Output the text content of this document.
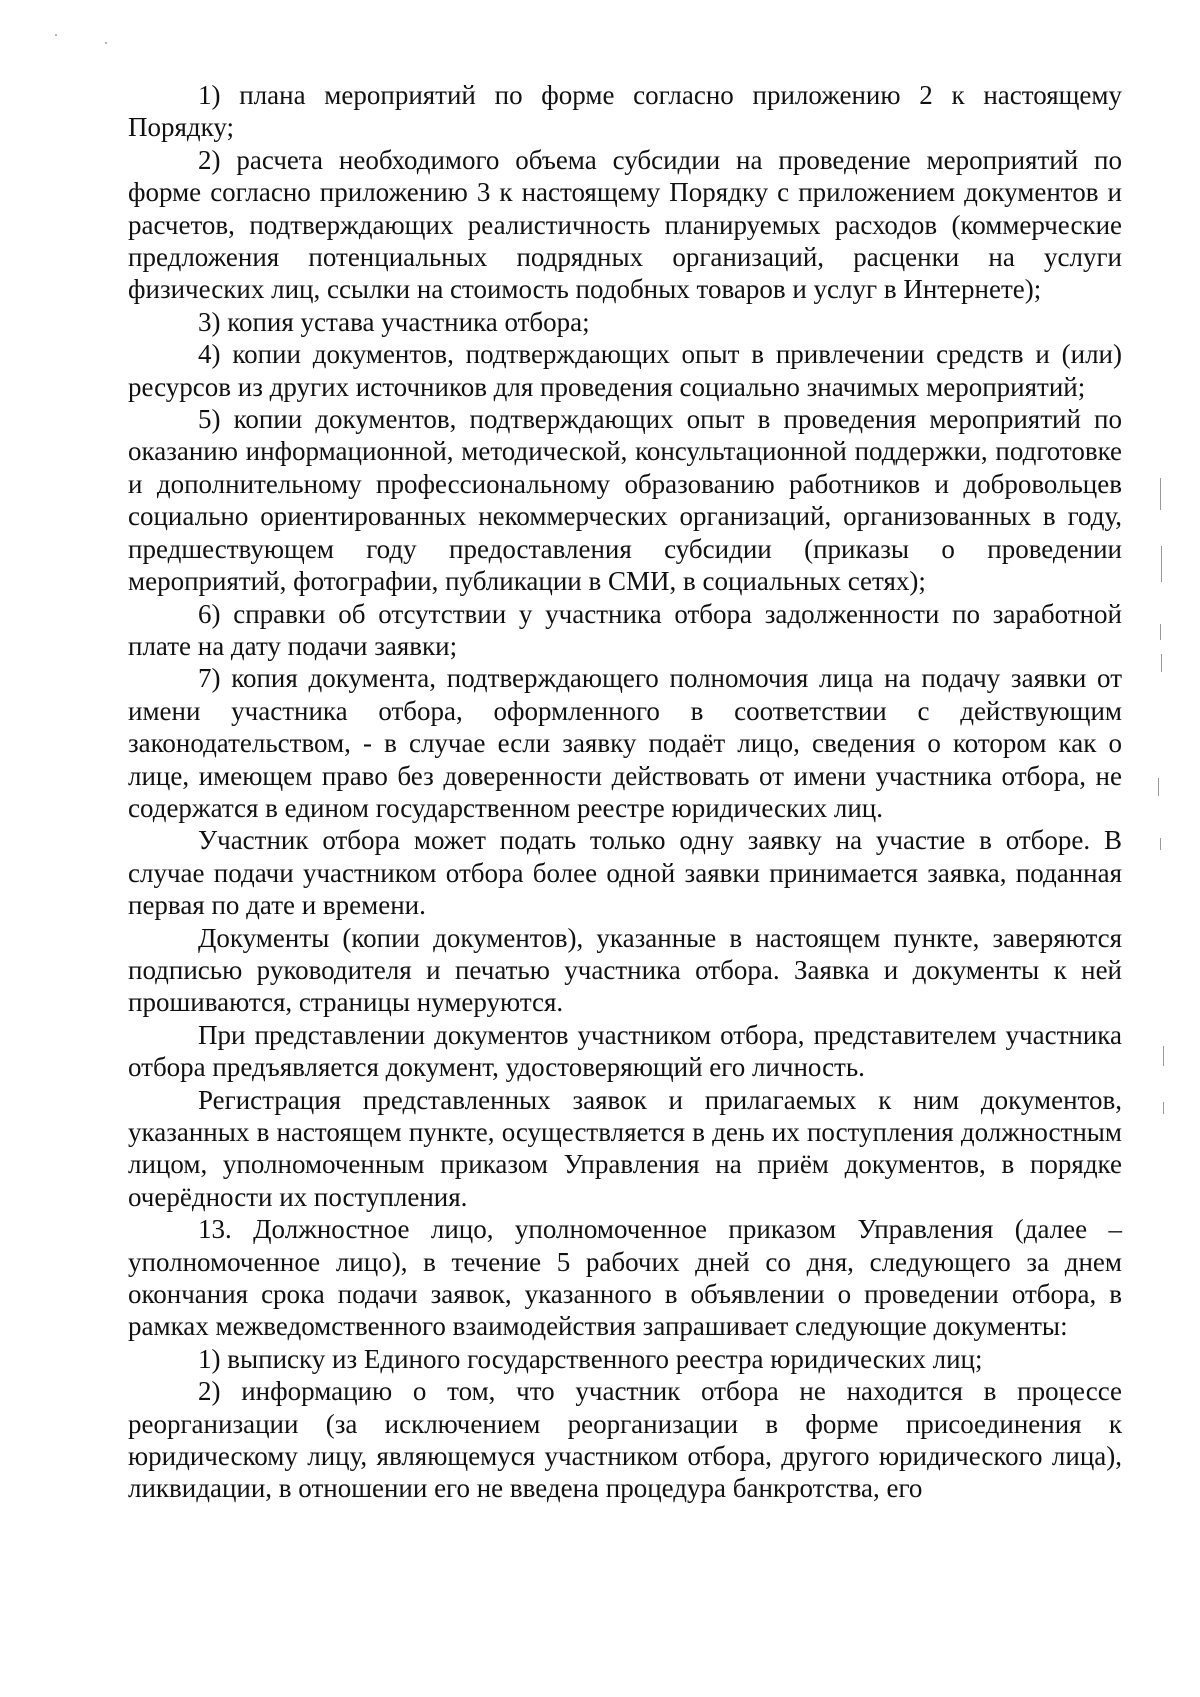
1) плана мероприятий по форме согласно приложению 2 к настоящему Порядку;

2) расчета необходимого объема субсидии на проведение мероприятий по форме согласно приложению 3 к настоящему Порядку с приложением документов и расчетов, подтверждающих реалистичность планируемых расходов (коммерческие предложения потенциальных подрядных организаций, расценки на услуги физических лиц, ссылки на стоимость подобных товаров и услуг в Интернете);

3) копия устава участника отбора;

4) копии документов, подтверждающих опыт в привлечении средств и (или) ресурсов из других источников для проведения социально значимых мероприятий;

5) копии документов, подтверждающих опыт в проведения мероприятий по оказанию информационной, методической, консультационной поддержки, подготовке и дополнительному профессиональному образованию работников и добровольцев социально ориентированных некоммерческих организаций, организованных в году, предшествующем году предоставления субсидии (приказы о проведении мероприятий, фотографии, публикации в СМИ, в социальных сетях);

6) справки об отсутствии у участника отбора задолженности по заработной плате на дату подачи заявки;

7) копия документа, подтверждающего полномочия лица на подачу заявки от имени участника отбора, оформленного в соответствии с действующим законодательством, - в случае если заявку подаёт лицо, сведения о котором как о лице, имеющем право без доверенности действовать от имени участника отбора, не содержатся в едином государственном реестре юридических лиц.

Участник отбора может подать только одну заявку на участие в отборе. В случае подачи участником отбора более одной заявки принимается заявка, поданная первая по дате и времени.

Документы (копии документов), указанные в настоящем пункте, заверяются подписью руководителя и печатью участника отбора. Заявка и документы к ней прошиваются, страницы нумеруются.

При представлении документов участником отбора, представителем участника отбора предъявляется документ, удостоверяющий его личность.

Регистрация представленных заявок и прилагаемых к ним документов, указанных в настоящем пункте, осуществляется в день их поступления должностным лицом, уполномоченным приказом Управления на приём документов, в порядке очерёдности их поступления.

13. Должностное лицо, уполномоченное приказом Управления (далее – уполномоченное лицо), в течение 5 рабочих дней со дня, следующего за днем окончания срока подачи заявок, указанного в объявлении о проведении отбора, в рамках межведомственного взаимодействия запрашивает следующие документы:

1) выписку из Единого государственного реестра юридических лиц;

2) информацию о том, что участник отбора не находится в процессе реорганизации (за исключением реорганизации в форме присоединения к юридическому лицу, являющемуся участником отбора, другого юридического лица), ликвидации, в отношении его не введена процедура банкротства, его
